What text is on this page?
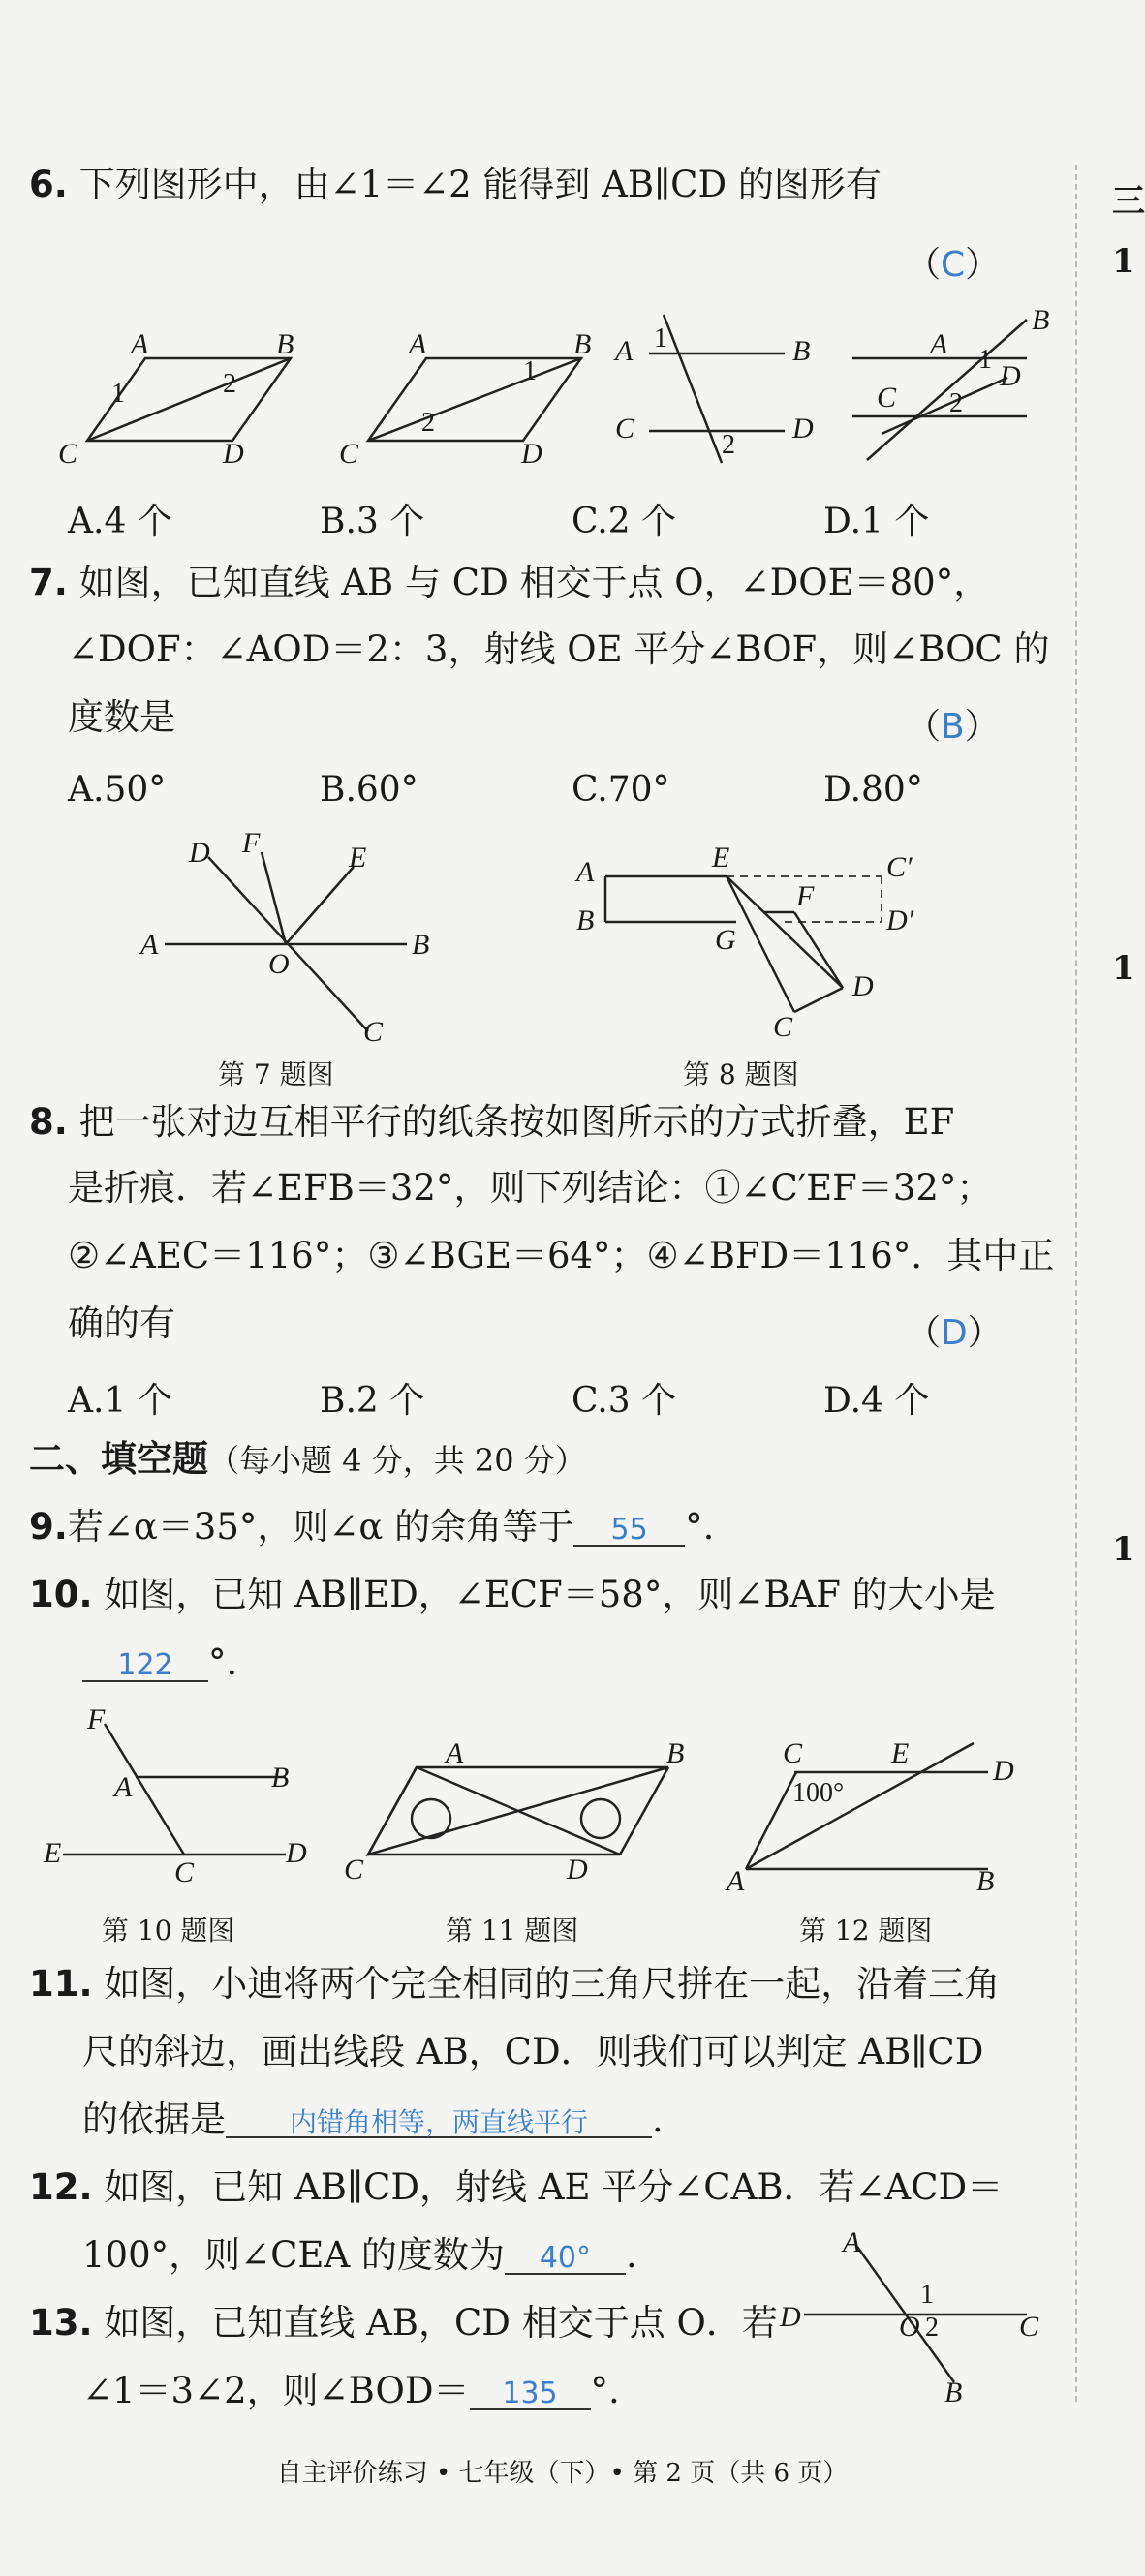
三
1
1
1
6. 下列图形中，由∠1＝∠2 能得到 AB∥CD 的图形有
（C）
A	B
C	D
1	2
A	B
C	D
1
2
A	B
C	D
1
2
A
B
C
D
1
2
A.4 个	B.3 个	C.2 个	D.1 个
7. 如图，已知直线 AB 与 CD 相交于点 O，∠DOE＝80°，
∠DOF：∠AOD＝2：3，射线 OE 平分∠BOF，则∠BOC 的
度数是	（B）
A.50°	B.60°	C.70°	D.80°
D F	E
A	B
O
C
第 7 题图
A
B
E
F
G
C′
D′
D
C
第 8 题图
8. 把一张对边互相平行的纸条按如图所示的方式折叠，EF
是折痕．若∠EFB＝32°，则下列结论：①∠C′EF＝32°；
②∠AEC＝116°；③∠BGE＝64°；④∠BFD＝116°．其中正
确的有	（D）
A.1 个	B.2 个	C.3 个	D.4 个
二、填空题（每小题 4 分，共 20 分）
9.若∠α＝35°，则∠α 的余角等于 55 °.
10. 如图，已知 AB∥ED，∠ECF＝58°，则∠BAF 的大小是
122 °.
F
A	B
E
C
D
第 10 题图
A	B
C	D
第 11 题图
C	E
D
A	B
100°
第 12 题图
11. 如图，小迪将两个完全相同的三角尺拼在一起，沿着三角
尺的斜边，画出线段 AB，CD．则我们可以判定 AB∥CD
的依据是 内错角相等，两直线平行 .
12. 如图，已知 AB∥CD，射线 AE 平分∠CAB．若∠ACD＝
100°，则∠CEA 的度数为 40° .
13. 如图，已知直线 AB，CD 相交于点 O．若
∠1＝3∠2，则∠BOD＝ 135 °.
A
D	O	C
B
1
2
自主评价练习 • 七年级（下）• 第 2 页（共 6 页）
